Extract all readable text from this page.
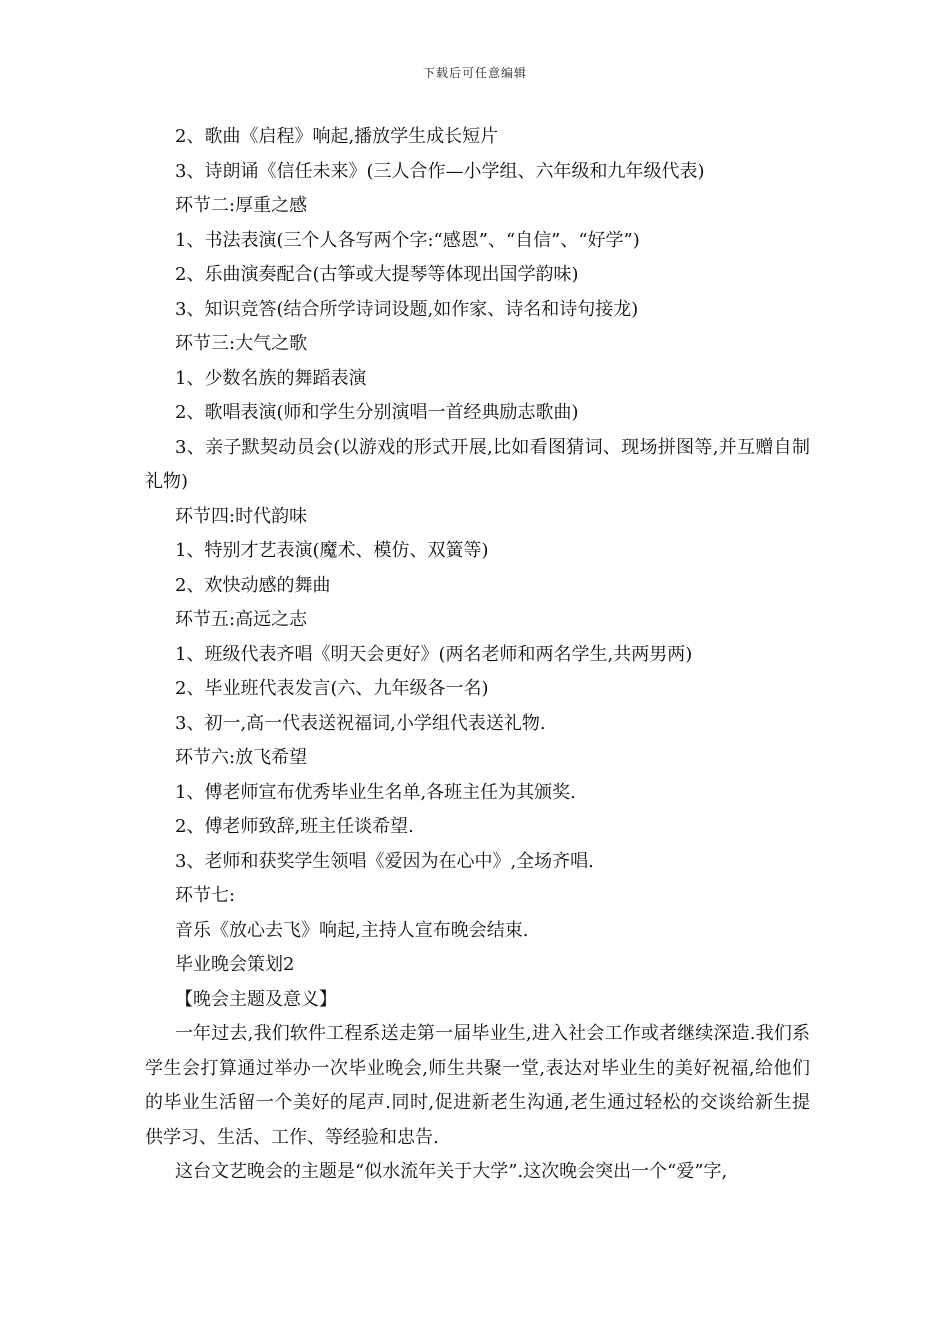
下载后可任意编辑
2、歌曲《启程》响起,播放学生成长短片
3、诗朗诵《信任未来》(三人合作—小学组、六年级和九年级代表)
环节二:厚重之感
1、书法表演(三个人各写两个字:“感恩”、“自信”、“好学”)
2、乐曲演奏配合(古筝或大提琴等体现出国学韵味)
3、知识竞答(结合所学诗词设题,如作家、诗名和诗句接龙)
环节三:大气之歌
1、少数名族的舞蹈表演
2、歌唱表演(师和学生分别演唱一首经典励志歌曲)
3、亲子默契动员会(以游戏的形式开展,比如看图猜词、现场拼图等,并互赠自制礼物)
环节四:时代韵味
1、特别才艺表演(魔术、模仿、双簧等)
2、欢快动感的舞曲
环节五:高远之志
1、班级代表齐唱《明天会更好》(两名老师和两名学生,共两男两)
2、毕业班代表发言(六、九年级各一名)
3、初一,高一代表送祝福词,小学组代表送礼物.
环节六:放飞希望
1、傅老师宣布优秀毕业生名单,各班主任为其颁奖.
2、傅老师致辞,班主任谈希望.
3、老师和获奖学生领唱《爱因为在心中》,全场齐唱.
环节七:
音乐《放心去飞》响起,主持人宣布晚会结束.
毕业晚会策划2
【晚会主题及意义】
一年过去,我们软件工程系送走第一届毕业生,进入社会工作或者继续深造.我们系学生会打算通过举办一次毕业晚会,师生共聚一堂,表达对毕业生的美好祝福,给他们的毕业生活留一个美好的尾声.同时,促进新老生沟通,老生通过轻松的交谈给新生提供学习、生活、工作、等经验和忠告.
这台文艺晚会的主题是“似水流年关于大学”.这次晚会突出一个“爱”字,
